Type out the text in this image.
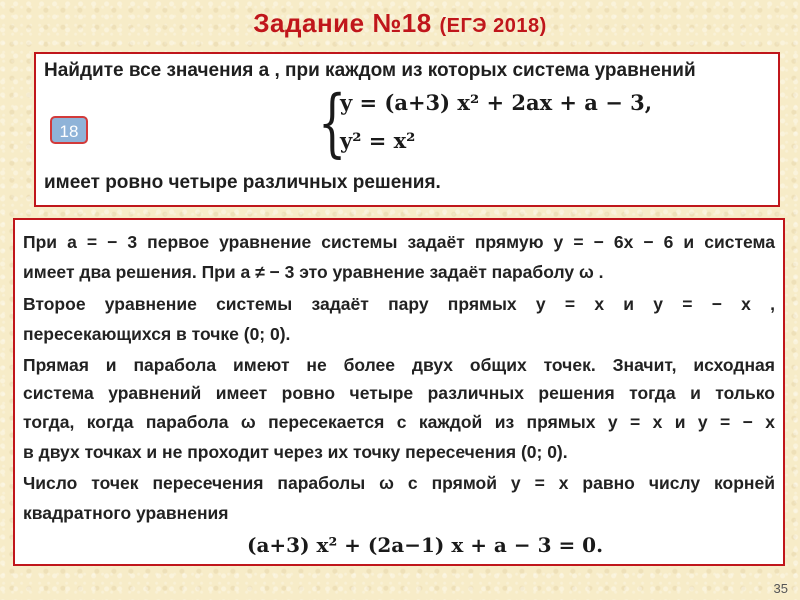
Задание №18 (ЕГЭ 2018)
Найдите все значения a , при каждом из которых система уравнений
18	{
y = (a+3) x² + 2ax + a − 3,
y² = x²
имеет ровно четыре различных решения.
При a = − 3 первое уравнение системы задаёт прямую y = − 6x − 6 и система
имеет два решения. При a ≠ − 3 это уравнение задаёт параболу ω .
Второе уравнение системы задаёт пару прямых y = x и y = − x ,
пересекающихся в точке (0; 0).
Прямая и парабола имеют не более двух общих точек. Значит, исходная
система уравнений имеет ровно четыре различных решения тогда и только
тогда, когда парабола ω пересекается с каждой из прямых y = x и y = − x
в двух точках и не проходит через их точку пересечения (0; 0).
Число точек пересечения параболы ω с прямой y = x равно числу корней
квадратного уравнения
(a+3) x² + (2a−1) x + a − 3 = 0.
35
